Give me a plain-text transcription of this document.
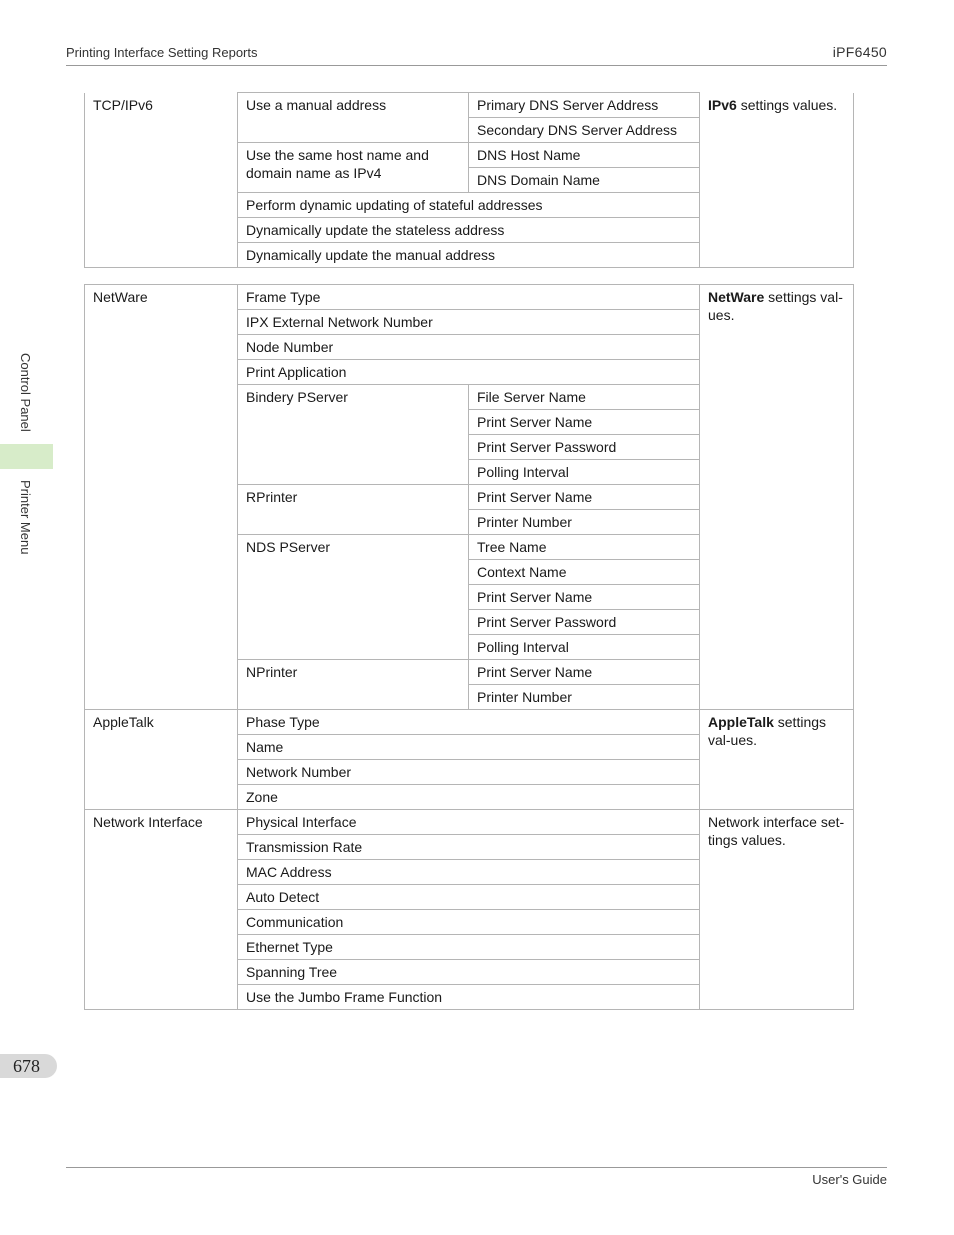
Printing Interface Setting Reports	iPF6450
Control Panel
Printer Menu
678
TCP/IPv6	Use a manual address	Primary DNS Server Address	IPv6 settings values.
		Secondary DNS Server Address	
	Use the same host name and domain name as IPv4	DNS Host Name	
		DNS Domain Name	
	Perform dynamic updating of stateful addresses		
	Dynamically update the stateless address		
	Dynamically update the manual address		
NetWare	Frame Type		NetWare settings val-ues.
	IPX External Network Number		
	Node Number		
	Print Application		
	Bindery PServer	File Server Name	
		Print Server Name	
		Print Server Password	
		Polling Interval	
	RPrinter	Print Server Name	
		Printer Number	
	NDS PServer	Tree Name	
		Context Name	
		Print Server Name	
		Print Server Password	
		Polling Interval	
	NPrinter	Print Server Name	
		Printer Number	
AppleTalk	Phase Type		AppleTalk settings val-ues.
	Name		
	Network Number		
	Zone		
Network Interface	Physical Interface		Network interface set-tings values.
	Transmission Rate		
	MAC Address		
	Auto Detect		
	Communication		
	Ethernet Type		
	Spanning Tree		
	Use the Jumbo Frame Function		
User's Guide
